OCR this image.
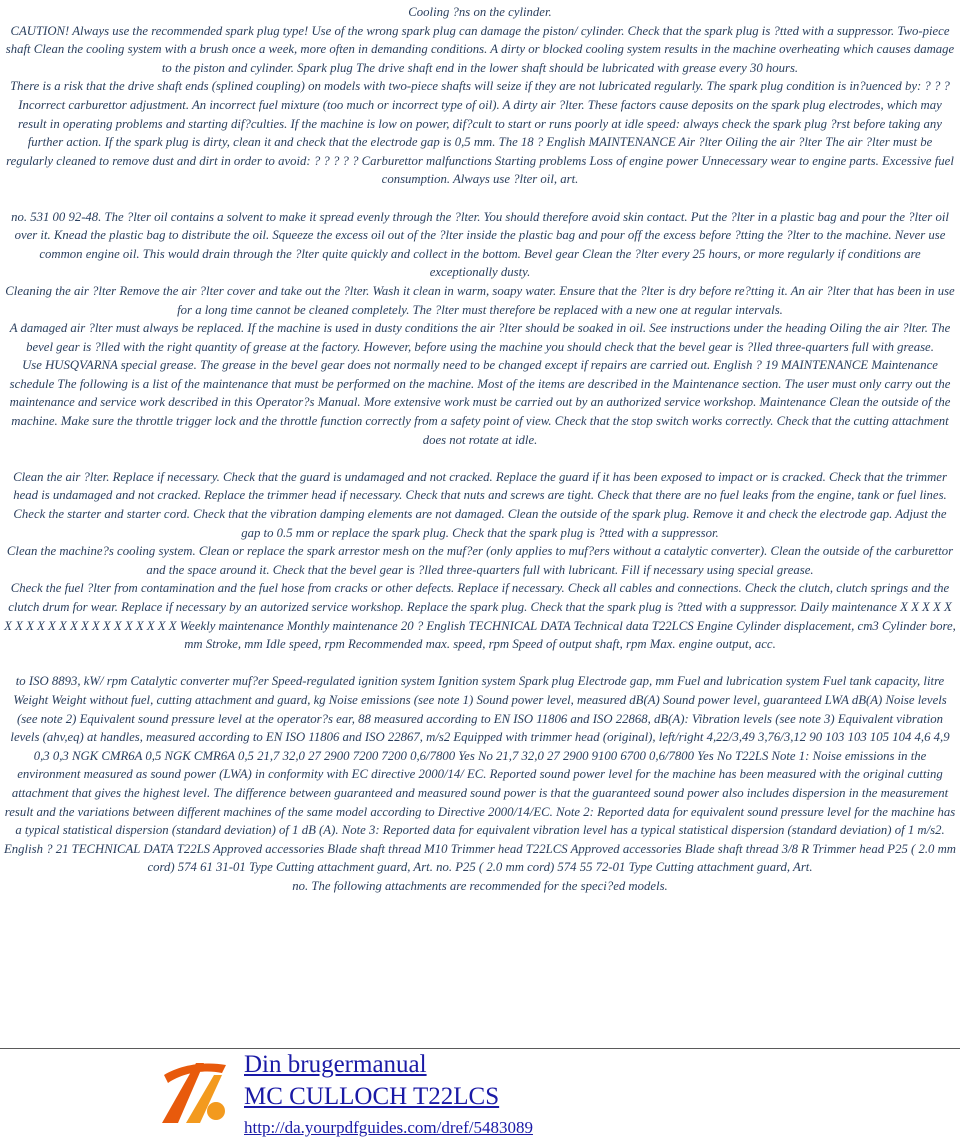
Cooling ?ns on the cylinder.

CAUTION! Always use the recommended spark plug type! Use of the wrong spark plug can damage the piston/ cylinder. Check that the spark plug is ?tted with a suppressor. Two-piece shaft Clean the cooling system with a brush once a week, more often in demanding conditions. A dirty or blocked cooling system results in the machine overheating which causes damage to the piston and cylinder. Spark plug The drive shaft end in the lower shaft should be lubricated with grease every 30 hours.

There is a risk that the drive shaft ends (splined coupling) on models with two-piece shafts will seize if they are not lubricated regularly. The spark plug condition is in?uenced by: ? ? ? Incorrect carburettor adjustment. An incorrect fuel mixture (too much or incorrect type of oil). A dirty air ?lter. These factors cause deposits on the spark plug electrodes, which may result in operating problems and starting dif?culties. If the machine is low on power, dif?cult to start or runs poorly at idle speed: always check the spark plug ?rst before taking any further action. If the spark plug is dirty, clean it and check that the electrode gap is 0,5 mm. The 18 ? English MAINTENANCE Air ?lter Oiling the air ?lter The air ?lter must be regularly cleaned to remove dust and dirt in order to avoid: ? ? ? ? ? Carburettor malfunctions Starting problems Loss of engine power Unnecessary wear to engine parts. Excessive fuel consumption. Always use ?lter oil, art.

no. 531 00 92-48. The ?lter oil contains a solvent to make it spread evenly through the ?lter. You should therefore avoid skin contact. Put the ?lter in a plastic bag and pour the ?lter oil over it. Knead the plastic bag to distribute the oil. Squeeze the excess oil out of the ?lter inside the plastic bag and pour off the excess before ?tting the ?lter to the machine. Never use common engine oil. This would drain through the ?lter quite quickly and collect in the bottom. Bevel gear Clean the ?lter every 25 hours, or more regularly if conditions are exceptionally dusty.

Cleaning the air ?lter Remove the air ?lter cover and take out the ?lter. Wash it clean in warm, soapy water. Ensure that the ?lter is dry before re?tting it. An air ?lter that has been in use for a long time cannot be cleaned completely. The ?lter must therefore be replaced with a new one at regular intervals.

A damaged air ?lter must always be replaced. If the machine is used in dusty conditions the air ?lter should be soaked in oil. See instructions under the heading Oiling the air ?lter. The bevel gear is ?lled with the right quantity of grease at the factory. However, before using the machine you should check that the bevel gear is ?lled three-quarters full with grease.

Use HUSQVARNA special grease. The grease in the bevel gear does not normally need to be changed except if repairs are carried out. English ? 19 MAINTENANCE Maintenance schedule The following is a list of the maintenance that must be performed on the machine. Most of the items are described in the Maintenance section. The user must only carry out the maintenance and service work described in this Operator?s Manual. More extensive work must be carried out by an authorized service workshop. Maintenance Clean the outside of the machine. Make sure the throttle trigger lock and the throttle function correctly from a safety point of view. Check that the stop switch works correctly. Check that the cutting attachment does not rotate at idle.

Clean the air ?lter. Replace if necessary. Check that the guard is undamaged and not cracked. Replace the guard if it has been exposed to impact or is cracked. Check that the trimmer head is undamaged and not cracked. Replace the trimmer head if necessary. Check that nuts and screws are tight. Check that there are no fuel leaks from the engine, tank or fuel lines. Check the starter and starter cord. Check that the vibration damping elements are not damaged. Clean the outside of the spark plug. Remove it and check the electrode gap. Adjust the gap to 0.5 mm or replace the spark plug. Check that the spark plug is ?tted with a suppressor.

Clean the machine?s cooling system. Clean or replace the spark arrestor mesh on the muf?er (only applies to muf?ers without a catalytic converter). Clean the outside of the carburettor and the space around it. Check that the bevel gear is ?lled three-quarters full with lubricant. Fill if necessary using special grease.

Check the fuel ?lter from contamination and the fuel hose from cracks or other defects. Replace if necessary. Check all cables and connections. Check the clutch, clutch springs and the clutch drum for wear. Replace if necessary by an autorized service workshop. Replace the spark plug. Check that the spark plug is ?tted with a suppressor. Daily maintenance X X X X X X X X X X X X X X X X X X X X X Weekly maintenance Monthly maintenance 20 ? English TECHNICAL DATA Technical data T22LCS Engine Cylinder displacement, cm3 Cylinder bore, mm Stroke, mm Idle speed, rpm Recommended max. speed, rpm Speed of output shaft, rpm Max. engine output, acc.

to ISO 8893, kW/ rpm Catalytic converter muf?er Speed-regulated ignition system Ignition system Spark plug Electrode gap, mm Fuel and lubrication system Fuel tank capacity, litre Weight Weight without fuel, cutting attachment and guard, kg Noise emissions (see note 1) Sound power level, measured dB(A) Sound power level, guaranteed LWA dB(A) Noise levels (see note 2) Equivalent sound pressure level at the operator?s ear, 88 measured according to EN ISO 11806 and ISO 22868, dB(A): Vibration levels (see note 3) Equivalent vibration levels (ahv,eq) at handles, measured according to EN ISO 11806 and ISO 22867, m/s2 Equipped with trimmer head (original), left/right 4,22/3,49 3,76/3,12 90 103 103 105 104 4,6 4,9 0,3 0,3 NGK CMR6A 0,5 NGK CMR6A 0,5 21,7 32,0 27 2900 7200 7200 0,6/7800 Yes No 21,7 32,0 27 2900 9100 6700 0,6/7800 Yes No T22LS Note 1: Noise emissions in the environment measured as sound power (LWA) in conformity with EC directive 2000/14/ EC. Reported sound power level for the machine has been measured with the original cutting attachment that gives the highest level. The difference between guaranteed and measured sound power is that the guaranteed sound power also includes dispersion in the measurement result and the variations between different machines of the same model according to Directive 2000/14/EC. Note 2: Reported data for equivalent sound pressure level for the machine has a typical statistical dispersion (standard deviation) of 1 dB (A). Note 3: Reported data for equivalent vibration level has a typical statistical dispersion (standard deviation) of 1 m/s2. English ? 21 TECHNICAL DATA T22LS Approved accessories Blade shaft thread M10 Trimmer head T22LCS Approved accessories Blade shaft thread 3/8 R Trimmer head P25 ( 2.0 mm cord) 574 61 31-01 Type Cutting attachment guard, Art. no. P25 ( 2.0 mm cord) 574 55 72-01 Type Cutting attachment guard, Art.

no. The following attachments are recommended for the speci?ed models.

Din brugermanual
MC CULLOCH T22LCS
http://da.yourpdfguides.com/dref/5483089
